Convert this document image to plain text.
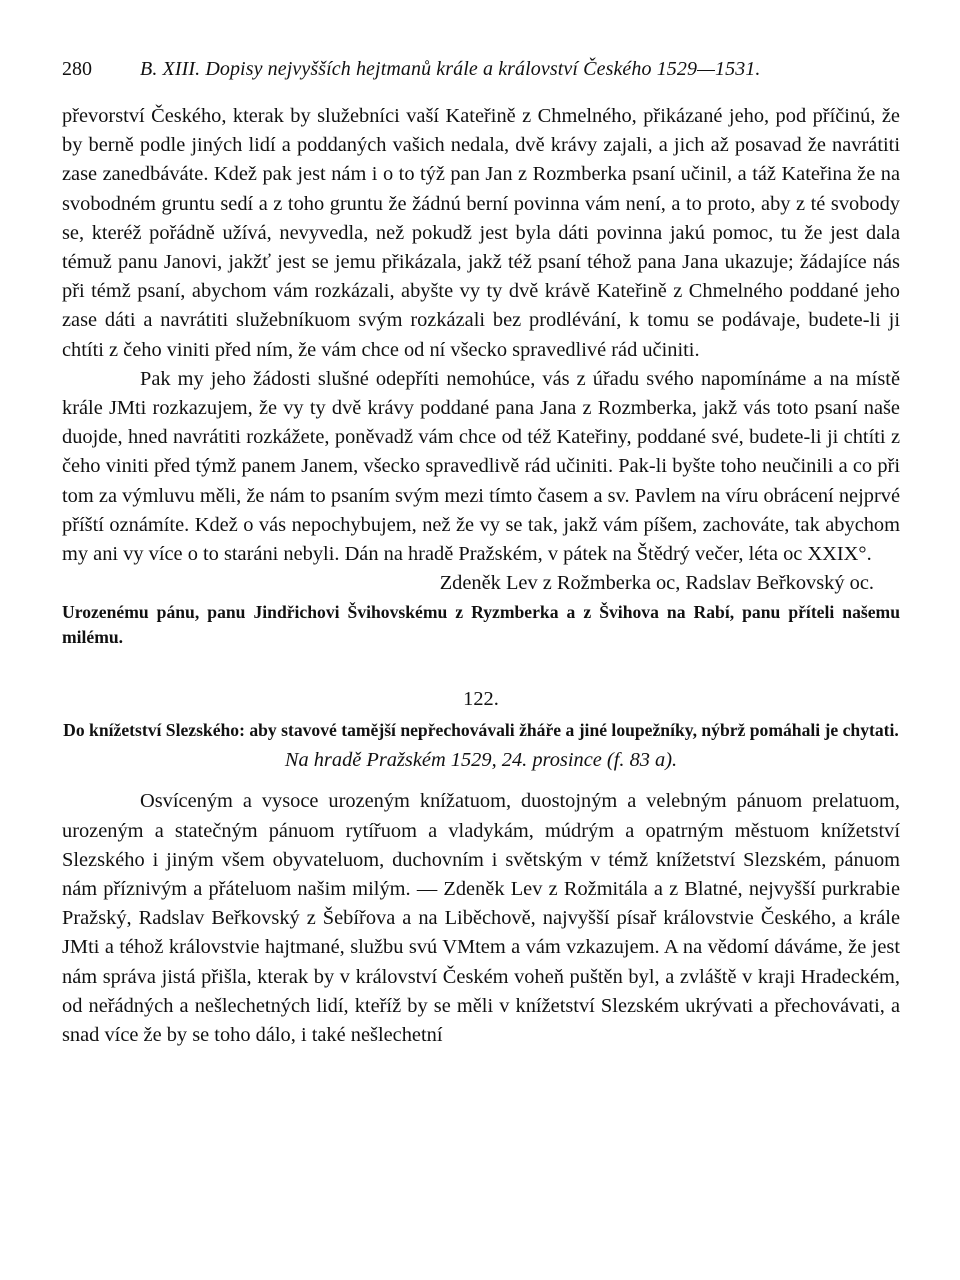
280 B. XIII. Dopisy nejvyšších hejtmanů krále a království Českého 1529—1531.

převorství Českého, kterak by služebníci vaší Kateřině z Chmelného, přikázané jeho, pod příčinú, že by berně podle jiných lidí a poddaných vašich nedala, dvě krávy zajali, a jich až posavad že navrátiti zase zanedbáváte. Kdež pak jest nám i o to týž pan Jan z Rozmberka psaní učinil, a táž Kateřina že na svobodném gruntu sedí a z toho gruntu že žádnú berní povinna vám není, a to proto, aby z té svobody se, kteréž pořádně užívá, nevyvedla, než pokudž jest byla dáti povinna jakú pomoc, tu že jest dala témuž panu Janovi, jakžť jest se jemu přikázala, jakž též psaní téhož pana Jana ukazuje; žádajíce nás při témž psaní, abychom vám rozkázali, abyšte vy ty dvě krávě Kateřině z Chmelného poddané jeho zase dáti a navrátiti služebníkuom svým rozkázali bez prodlévání, k tomu se podávaje, budete-li ji chtíti z čeho viniti před ním, že vám chce od ní všecko spravedlivé rád učiniti.

Pak my jeho žádosti slušné odepříti nemohúce, vás z úřadu svého napomínáme a na místě krále JMti rozkazujem, že vy ty dvě krávy poddané pana Jana z Rozmberka, jakž vás toto psaní naše duojde, hned navrátiti rozkážete, poněvadž vám chce od též Kateřiny, poddané své, budete-li ji chtíti z čeho viniti před týmž panem Janem, všecko spravedlivě rád učiniti. Pak-li byšte toho neučinili a co při tom za výmluvu měli, že nám to psaním svým mezi tímto časem a sv. Pavlem na víru obrácení nejprvé příští oznámíte. Kdež o vás nepochybujem, než že vy se tak, jakž vám píšem, zachováte, tak abychom my ani vy více o to staráni nebyli. Dán na hradě Pražském, v pátek na Štědrý večer, léta oc XXIX°.

Zdeněk Lev z Rožmberka oc, Radslav Beřkovský oc.

Urozenému pánu, panu Jindřichovi Švihovskému z Ryzmberka a z Švihova na Rabí, panu příteli našemu milému.

122.

Do knížetství Slezského: aby stavové tamější nepřechovávali žháře a jiné loupežníky, nýbrž pomáhali je chytati.

Na hradě Pražském 1529, 24. prosince (f. 83 a).

Osvíceným a vysoce urozeným knížatuom, duostojným a velebným pánuom prelatuom, urozeným a statečným pánuom rytířuom a vladykám, múdrým a opatrným městuom knížetství Slezského i jiným všem obyvateluom, duchovním i světským v témž knížetství Slezském, pánuom nám příznivým a přáteluom našim milým. — Zdeněk Lev z Rožmitála a z Blatné, nejvyšší purkrabie Pražský, Radslav Beřkovský z Šebířova a na Liběchově, najvyšší písař královstvie Českého, a krále JMti a téhož královstvie hajtmané, službu svú VMtem a vám vzkazujem. A na vědomí dáváme, že jest nám správa jistá přišla, kterak by v království Českém voheň puštěn byl, a zvláště v kraji Hradeckém, od neřádných a nešlechetných lidí, kteříž by se měli v knížetství Slezském ukrývati a přechovávati, a snad více že by se toho dálo, i také nešlechetní
